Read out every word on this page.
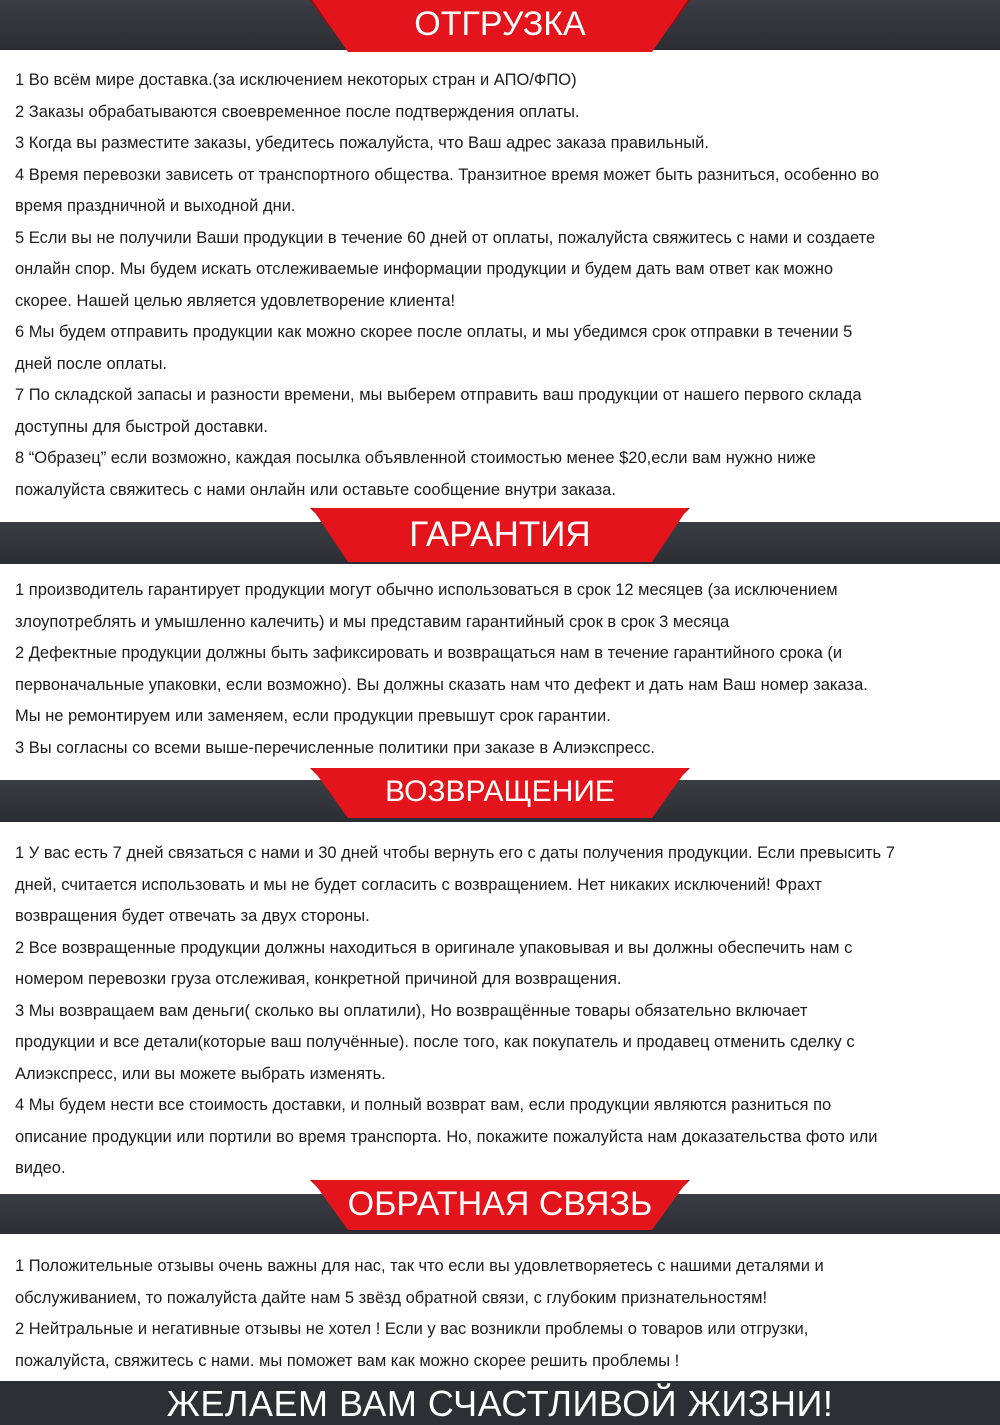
ОТГРУЗКА

1 Во всём мире доставка.(за исключением некоторых стран и АПО/ФПО)

2 Заказы обрабатываются своевременное после подтверждения оплаты.

3 Когда вы разместите заказы, убедитесь пожалуйста, что Ваш адрес заказа правильный.

4 Время перевозки зависеть от транспортного общества. Транзитное время может быть разниться, особенно во

время праздничной и выходной дни.

5 Если вы не получили Ваши продукции в течение 60 дней от оплаты, пожалуйста свяжитесь с нами и создаете

онлайн спор. Мы будем искать отслеживаемые информации продукции и будем дать вам ответ как можно

скорее. Нашей целью является удовлетворение клиента!

6 Мы будем отправить продукции как можно скорее после оплаты, и мы убедимся срок отправки в течении 5

дней после оплаты.

7 По складской запасы и разности времени, мы выберем отправить ваш продукции от нашего первого склада

доступны для быстрой доставки.

8 “Образец” если возможно, каждая посылка объявленной стоимостью менее $20,если вам нужно ниже

пожалуйста свяжитесь с нами онлайн или оставьте сообщение внутри заказа.

ГАРАНТИЯ

1 производитель гарантирует продукции могут обычно использоваться в срок 12 месяцев (за исключением

злоупотреблять и умышленно калечить) и мы представим гарантийный срок в срок 3 месяца

2 Дефектные продукции должны быть зафиксировать и возвращаться нам в течение гарантийного срока (и

первоначальные упаковки, если возможно). Вы должны сказать нам что дефект и дать нам Ваш номер заказа.

Мы не ремонтируем или заменяем, если продукции превышут срок гарантии.

3 Вы согласны со всеми выше-перечисленные политики при заказе в Алиэкспресс.

ВОЗВРАЩЕНИЕ

1 У вас есть 7 дней связаться с нами и 30 дней чтобы вернуть его с даты получения продукции. Если превысить 7

дней, считается использовать и мы не будет согласить с возвращением. Нет никаких исключений! Фрахт

возвращения будет отвечать за двух стороны.

2 Все возвращенные продукции должны находиться в оригинале упаковывая и вы должны обеспечить нам с

номером перевозки груза отслеживая, конкретной причиной для возвращения.

3 Мы возвращаем вам деньги( сколько вы оплатили), Но возвращённые товары обязательно включает

продукции и все детали(которые ваш получённые). после того, как покупатель и продавец отменить сделку с

Алиэкспресс, или вы можете выбрать изменять.

4 Мы будем нести все стоимость доставки, и полный возврат вам, если продукции являются разниться по

описание продукции или портили во время транспорта. Но, покажите пожалуйста нам доказательства фото или

видео.

ОБРАТНАЯ СВЯЗЬ

1 Положительные отзывы очень важны для нас, так что если вы удовлетворяетесь с нашими деталями и

обслуживанием, то пожалуйста дайте нам 5 звёзд обратной связи, с глубоким признательностям!

2 Нейтральные и негативные отзывы не хотел ! Если у вас возникли проблемы о товаров или отгрузки,

пожалуйста, свяжитесь с нами. мы поможет вам как можно скорее решить проблемы !

ЖЕЛАЕМ ВАМ СЧАСТЛИВОЙ ЖИЗНИ!
